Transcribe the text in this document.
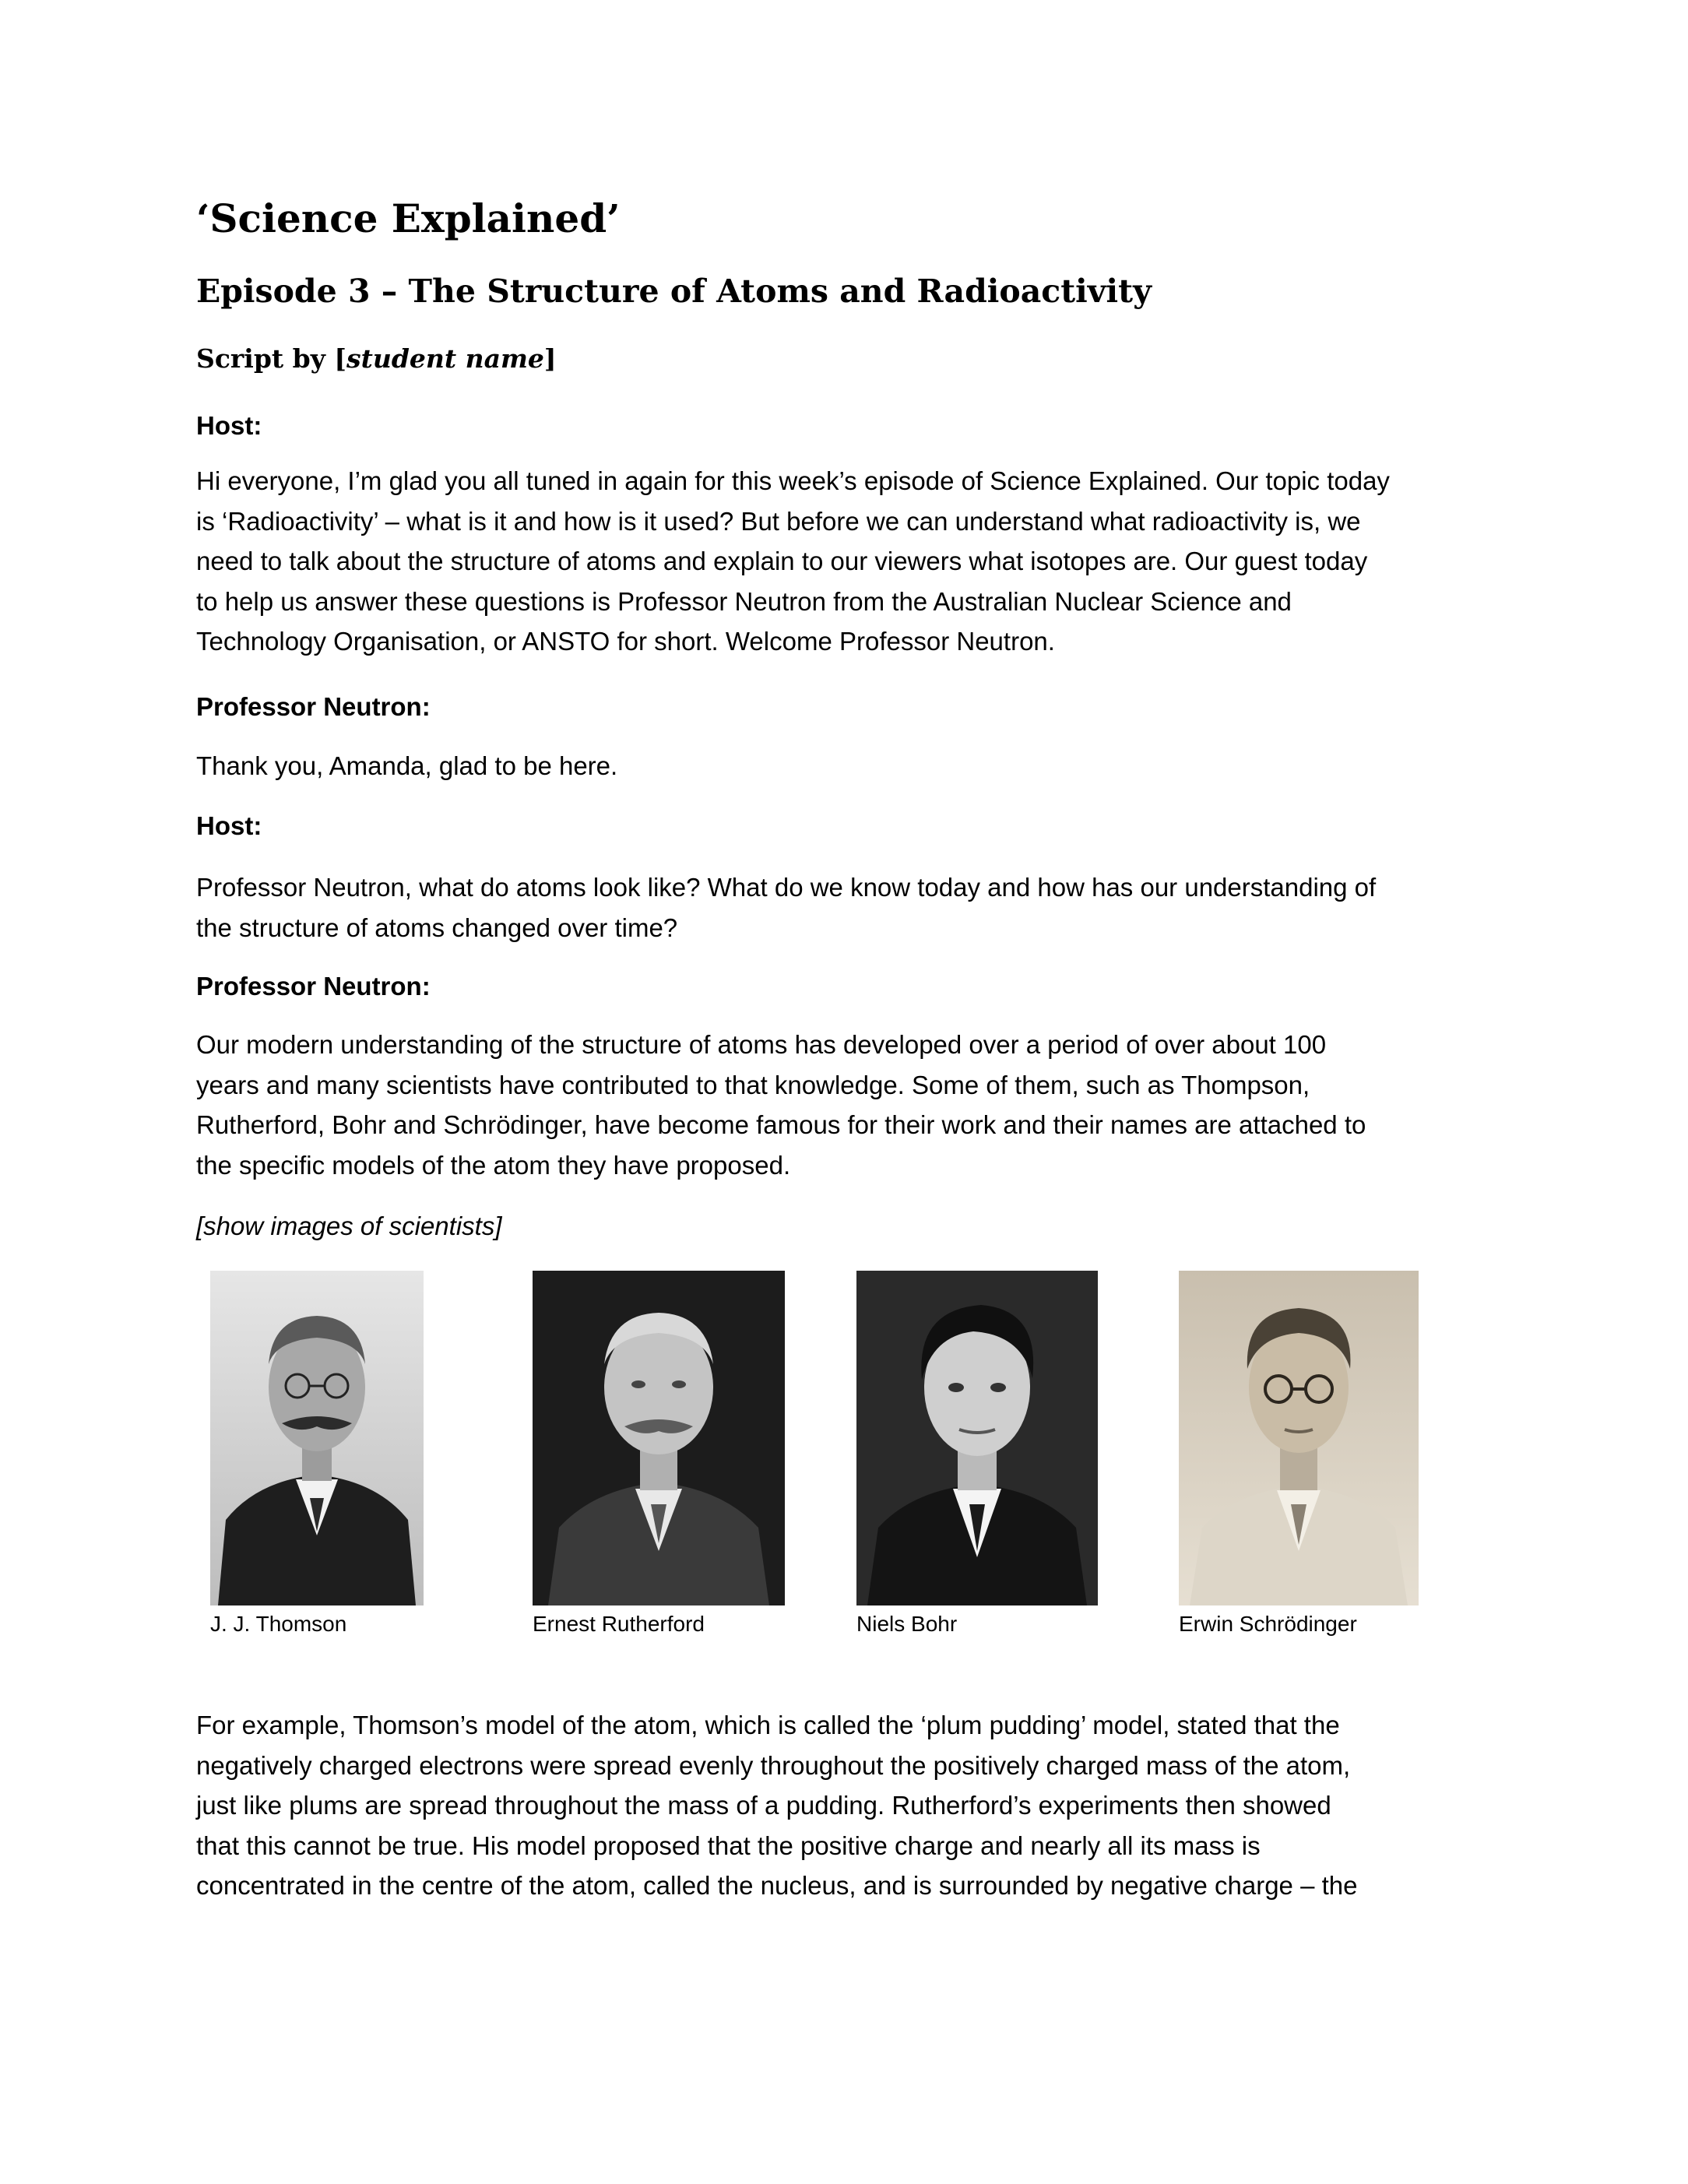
‘Science Explained’
Episode 3 – The Structure of Atoms and Radioactivity

Script by [student name]

Host:

Hi everyone, I’m glad you all tuned in again for this week’s episode of Science Explained. Our topic today
is ‘Radioactivity’ – what is it and how is it used? But before we can understand what radioactivity is, we
need to talk about the structure of atoms and explain to our viewers what isotopes are. Our guest today
to help us answer these questions is Professor Neutron from the Australian Nuclear Science and
Technology Organisation, or ANSTO for short. Welcome Professor Neutron.

Professor Neutron:

Thank you, Amanda, glad to be here.

Host:

Professor Neutron, what do atoms look like? What do we know today and how has our understanding of
the structure of atoms changed over time?

Professor Neutron:

Our modern understanding of the structure of atoms has developed over a period of over about 100
years and many scientists have contributed to that knowledge. Some of them, such as Thompson,
Rutherford, Bohr and Schrödinger, have become famous for their work and their names are attached to
the specific models of the atom they have proposed.

[show images of scientists]

J. J. Thomson	Ernest Rutherford	Niels Bohr	Erwin Schrödinger

For example, Thomson’s model of the atom, which is called the ‘plum pudding’ model, stated that the
negatively charged electrons were spread evenly throughout the positively charged mass of the atom,
just like plums are spread throughout the mass of a pudding. Rutherford’s experiments then showed
that this cannot be true. His model proposed that the positive charge and nearly all its mass is
concentrated in the centre of the atom, called the nucleus, and is surrounded by negative charge – the
